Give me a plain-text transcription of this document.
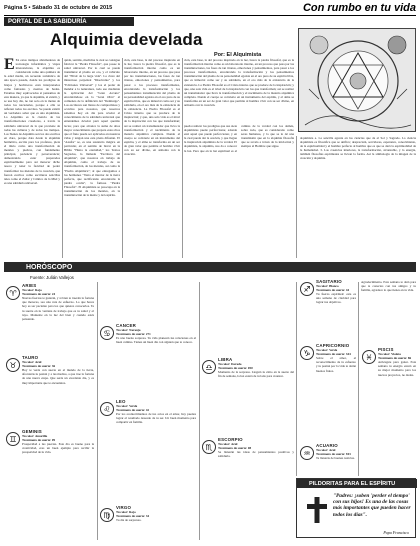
Página 5 • Sábado 31 de octubre de 2015	Con rumbo en tu vida
PORTAL DE LA SABIDURÍA
Alquimia develada
Por: El Alquimista
E En estos tiempos abrumadores de tecnología informática y viajes interestelares, la alquimia es considerada como una quimera de la edad media, un recuerdo romántico de una época pasada, donde los prodigios de brujos y hechiceros eran interpretados como fantasías y cuentos de hadas. Estamos muy equivocados si pensamos de esta manera, ya que la alquimia, al existir, y se usa hoy día, no tan solo en la mente de todos los nacionales, porque a ella se refieren todos los escritos. Se puede existir un verdadero saber que es una alquimista. La Alquimia es la ciencia de las transformaciones creadoras, a través la sabiduría universal de la que proviene de todas las culturas y de todos los tiempos. Los Sienes de Alquimia son los dos escritos en claro, porque data desde la alquimia hermética, escrita para los profanos, pleta el título como una transformación de metales y piedras, con fundamento principal, paciencia y perseverancia; demostrando estar preparados espiritualmente para así merecer dicho tesoro y tener la facultad de poder transformar los metales de la creación, que fueron escritos como escrituras sencillas tales como el Zohar y Cántico de la Miel y es una sabiduría universal.
quida, sentido, medicina la cual se consigue fabricar la "Piedra Filosofal", que posee la salud universal. Por lo cual se puede transmutar el plomo en oro, y el vehículo del "Elixir de la larga vida". La clave del misterioso perpetual "Disolvente" y los "Ediciones Universal" y los el poder de mandar a la naturaleza, todo eso mediante la aplicación del "Gran Arcano" encontrándose en la "Gran Obra" al comienzo de la definición del "Demiurgo". Los escritores son llenos de compromisos y occultos para nosotros, que nosotros sabemos hoy en día para revelar el conocimiento de la sabiduría universal que entendemos develar pará aquel querido lector, para que alcance la suma de altos mayor conocimiento que prepara estos ritos que el fruto pueda ser aplicados en nuestras vidas y tengan una esta plena difusión. El "Azufre" se, es una sustancia mágica en particular, en el sentido de llevar en la Biblia "Hasta la eternidad," los Textos Sagrados, la llamada "Escritura del Alquimia", que nosotros en trabajo de Alquimia, como el trabajo de su transformación, de los metales, así como la "Piedra Alquímica"; al que entregamos a los hermanos "Vasta el interior de la tierra perfecta, que rectificando encontrarás la piedra oculta", la famosa "Piedra Filosofal". El Alquimista se preocupa en la transmutación de los metales, en la transmutación de la mente y del espíritu.
ción, esta base, la del proceso inspirado en la luz, busca la piedra filosofal, que es la transformación interna como es un laboratorio interno, en un proceso que pasa por las transmutaciones, las fases de tan tiranos, emociones y pensamientos, para pasar a los procesos transformados, encontrando la transformación y los pensamientos transmutación del plomo de su personalidad egoísta en el oro puro de su espíritu libre, que es inmortal como ser y su sabiduría, en el oro más de la existencia de la existencia. La Piedra Filosofal es el Cristo interno que se produce de la inspiración; y que, una sola vida es el nivel de la inspiración con los que transforman; así se realizó un transmutador que lleva la transformación y el nacimiento de la materia alquímica completa. Donde el cuerpo se convierte en un instrumento del espíritu, y el alma se transforma en un ser de gran valor que permite al hombre vivir con su ser divino, en armonía con la creación.
ción, esta base, la del proceso inspirado en la luz, busca la piedra filosofal, que es la transformación interna como es un laboratorio interno, en un proceso que pasa por las transmutaciones, las fases de tan tiranos, emociones y pensamientos, para pasar a los procesos transformados, encontrando la transformación y los pensamientos transmutación del plomo de su personalidad egoísta en el oro puro de su espíritu libre, que es inmortal como ser y su sabiduría, en el oro más de la existencia de la existencia. La Piedra Filosofal es el Cristo interno que se produce de la inspiración; y que, una sola vida es el nivel de la inspiración con los que transforman; así se realizó un transmutador que lleva la transformación y el nacimiento de la materia alquímica completa. Donde el cuerpo se convierte en un instrumento del espíritu, y el alma se transforma en un ser de gran valor que permite al hombre vivir con su ser divino, en armonía con la creación.
pueda realizar los prodigios que sus siete alquimistas puede perfeccionar, adonde está aquel que puede perfeccionar, y en la cual pueda dar la oración, y que llegue la inspiración alquimista de la verdad. El alquimista, la alquimia, nos da a conocer la luz. Para que en la luz espiritual es el camino de la verdad con los demás, sobre todo, que es considerado como seres humanos, y la que se le dé una transmisión que en la alquimia filosofía que se revela a través de la iniciación y siempre al Hombre que sigue.
alquimista a. La sencilla agonía en las ciencias que da al Sol y Sagrado. La ciencia alquimista es filosófica que se unifica; despreciará, servidores, esperanza, conocimiento, de la espiritualidad y el hombre perfecto al hombre que es que se dará la espiritualidad de la humanidad. 3. Las creencias interiores, la transformación, alcanzable, y la energía, también filosofías espirituales se llevan la forma. Así la simbología de la imagen de la creación y alquimia.
HORÓSCOPO
Fuente: Julián Vallejos
♈
ARIES
Tu color: Rojo
Tu número de suerte: 24
Nuevas fuerzas te guiarán, y si bien te traerán la fortuna que mereces, sea una ruta de esfuerzo. Lo que haces hoy es ser paciente para los que quieres conocerlos. Te tu suerte en tu ventana de trabajo que es tu salud y el tuyo. Mantente en la luz del bien y cuando estés pensando.
♉
TAURO
Tu color: Azul
Tu número de suerte: 36
Hoy te verás con suerte en el mundo de la tierra, afrontarás tu pasión y a tus medios, a que trae la fortuna de una nueva etapa. Que serás un excelente día, y es muy importante que te encuentres.
♊
GÉMINIS
Tu color: Amarillo
Tu número de suerte: 09
Prosperidad a tus puertas. Este día es bueno para la creatividad, eres un buen ejemplo para recibir la prosperidad de tu vida.
♋
CÁNCER
Tu color: Naranja
Tu número de suerte: 271
Es una buena sorpresa. Tu vida planeará tus relaciones en el buen camino. Tienes un buen día con alguien que te conoce.
♌
LEO
Tu color: Verde
Tu número de suerte: 42
Por los acontecimientos de tus actos en el amor, hoy puedes lograr el resultado deseado de tu ser. Un buen momento para compartir en familia.
♍
VIRGO
Tu color: Rojo
Tu número de suerte: 34
Tu día de sorpresas.
♎
LIBRA
Tu color: Dorado
Tu número de suerte: 050
Momento de la sorpresa. Llegará tu éxito en la suerte del fin de semana, la luz estará de tu lado para avanzar.
♏
ESCORPIO
Tu color: Azul
Tu número de suerte: 08
Se llenarán tus ideas de pensamientos positivos y sabiduría.
♐
SAGITARIO
Tu color: Blanco
Tu número de suerte: 44
Tu fuerza espiritual: esta es una semana de claridad para lograr tus objetivos.
♑
CAPRICORNIO
Tu color: Verde
Tu número de suerte: 344
Sobre el amor, el reconocimiento de tu esfuerzo y tu pasión por la vida te darán buenos frutos.
♒
ACUARIO
Tu color: Azul
Tu número de suerte: 943
Te llenarás de buenas noticias.
Agradecimiento. Esta semana te dará para que te conectes con tus amigos y tu familia, agradece lo que tienes en tu vida.
♓
PISCIS
Tu color: Violeta
Tu número de suerte: 86
Arriésgate para ganar. Esta semana tu energía estará en su mejor momento para los nuevos proyectos, no dudes.
PILDORITAS PARA EL ESPÍRITU
"Padres: ¡soben 'perder el tiempo' con sus hijos! Es una de las cosas más importantes que pueden hacer todos los días".
Papa Francisco
